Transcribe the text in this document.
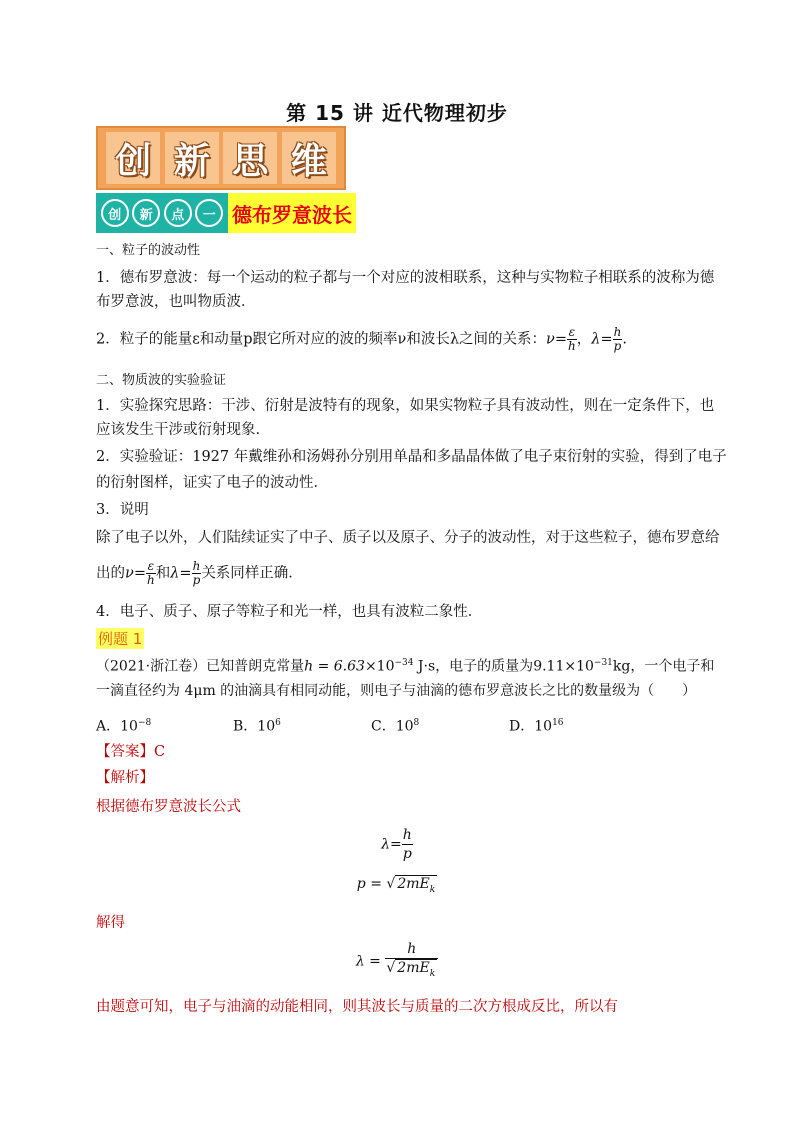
第 15 讲 近代物理初步
创 新 思 维
创	新	点	一 德布罗意波长
一、粒子的波动性
1．德布罗意波：每一个运动的粒子都与一个对应的波相联系，这种与实物粒子相联系的波称为德
布罗意波，也叫物质波．
2．粒子的能量ε和动量p跟它所对应的波的频率ν和波长λ之间的关系：$\nu= \frac{\varepsilon}{h}$ ，$\lambda= \frac{h}{p}$ .
二、物质波的实验验证
1．实验探究思路：干涉、衍射是波特有的现象，如果实物粒子具有波动性，则在一定条件下，也
应该发生干涉或衍射现象．
2．实验验证：1927 年戴维孙和汤姆孙分别用单晶和多晶晶体做了电子束衍射的实验，得到了电子
的衍射图样，证实了电子的波动性．
3．说明
除了电子以外，人们陆续证实了中子、质子以及原子、分子的波动性，对于这些粒子，德布罗意给
出的$\nu= \frac{\varepsilon}{h}$ 和$\lambda= \frac{h}{p}$ 关系同样正确．
4．电子、质子、原子等粒子和光一样，也具有波粒二象性．
例题 1
（2021·浙江卷）已知普朗克常量$h = 6.63\times 10^{-34}$ J·s，电子的质量为$9.11\times 10^{-31}kg$，一个电子和
一滴直径约为 4μm 的油滴具有相同动能，则电子与油滴的德布罗意波长之比的数量级为（　　）
A．$10^{-8}$	B．$10^6$	C．$10^8$	D．$10^{16}$
【答案】C
【解析】
根据德布罗意波长公式
$\lambda= \frac{h}{p}$
p = √ $2mE_k$
解得
$\lambda = \frac{h}{√ 2mE_k}$
由题意可知，电子与油滴的动能相同，则其波长与质量的二次方根成反比，所以有
